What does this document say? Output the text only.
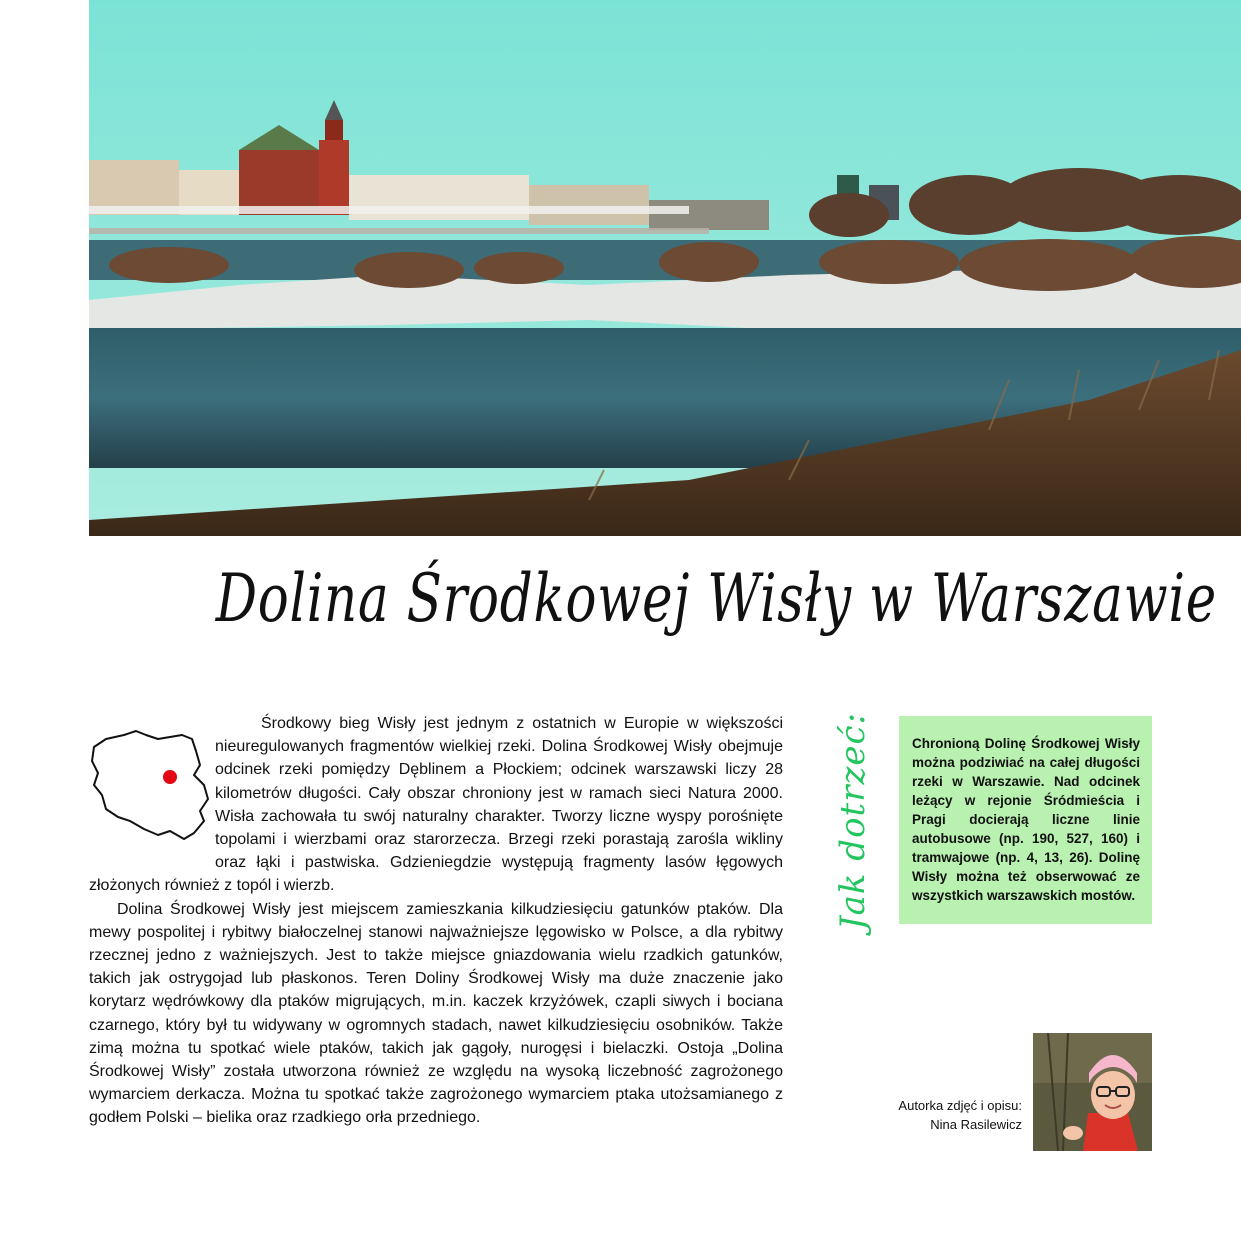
Dolina Środkowej Wisły w Warszawie

Środkowy bieg Wisły jest jednym z ostatnich w Europie w większości nieuregulowanych fragmentów wielkiej rzeki. Dolina Środkowej Wisły obejmuje odcinek rzeki pomiędzy Dęblinem a Płockiem; odcinek warszawski liczy 28 kilometrów długości. Cały obszar chroniony jest w ramach sieci Natura 2000. Wisła zachowała tu swój naturalny charakter. Tworzy liczne wyspy porośnięte topolami i wierzbami oraz starorzecza. Brzegi rzeki porastają zarośla wikliny oraz łąki i pastwiska. Gdzieniegdzie występują fragmenty lasów łęgowych złożonych również z topól i wierzb.

Dolina Środkowej Wisły jest miejscem zamieszkania kilkudziesięciu gatunków ptaków. Dla mewy pospolitej i rybitwy białoczelnej stanowi najważniejsze lęgowisko w Polsce, a dla rybitwy rzecznej jedno z ważniejszych. Jest to także miejsce gniazdowania wielu rzadkich gatunków, takich jak ostrygojad lub płaskonos. Teren Doliny Środkowej Wisły ma duże znaczenie jako korytarz wędrówkowy dla ptaków migrujących, m.in. kaczek krzyżówek, czapli siwych i bociana czarnego, który był tu widywany w ogromnych stadach, nawet kilkudziesięciu osobników. Także zimą można tu spotkać wiele ptaków, takich jak gągoły, nurogęsi i bielaczki. Ostoja „Dolina Środkowej Wisły” została utworzona również ze względu na wysoką liczebność zagrożonego wymarciem derkacza. Można tu spotkać także zagrożonego wymarciem ptaka utożsamianego z godłem Polski – bielika oraz rzadkiego orła przedniego.

Jak dotrzeć:	Chronioną Dolinę Środkowej Wisły można podziwiać na całej długości rzeki w Warszawie. Nad odcinek leżący w rejonie Śródmieścia i Pragi docierają liczne linie autobusowe (np. 190, 527, 160) i tramwajowe (np. 4, 13, 26). Dolinę Wisły można też obserwować ze wszystkich warszawskich mostów.

Autorka zdjęć i opisu:
Nina Rasilewicz
